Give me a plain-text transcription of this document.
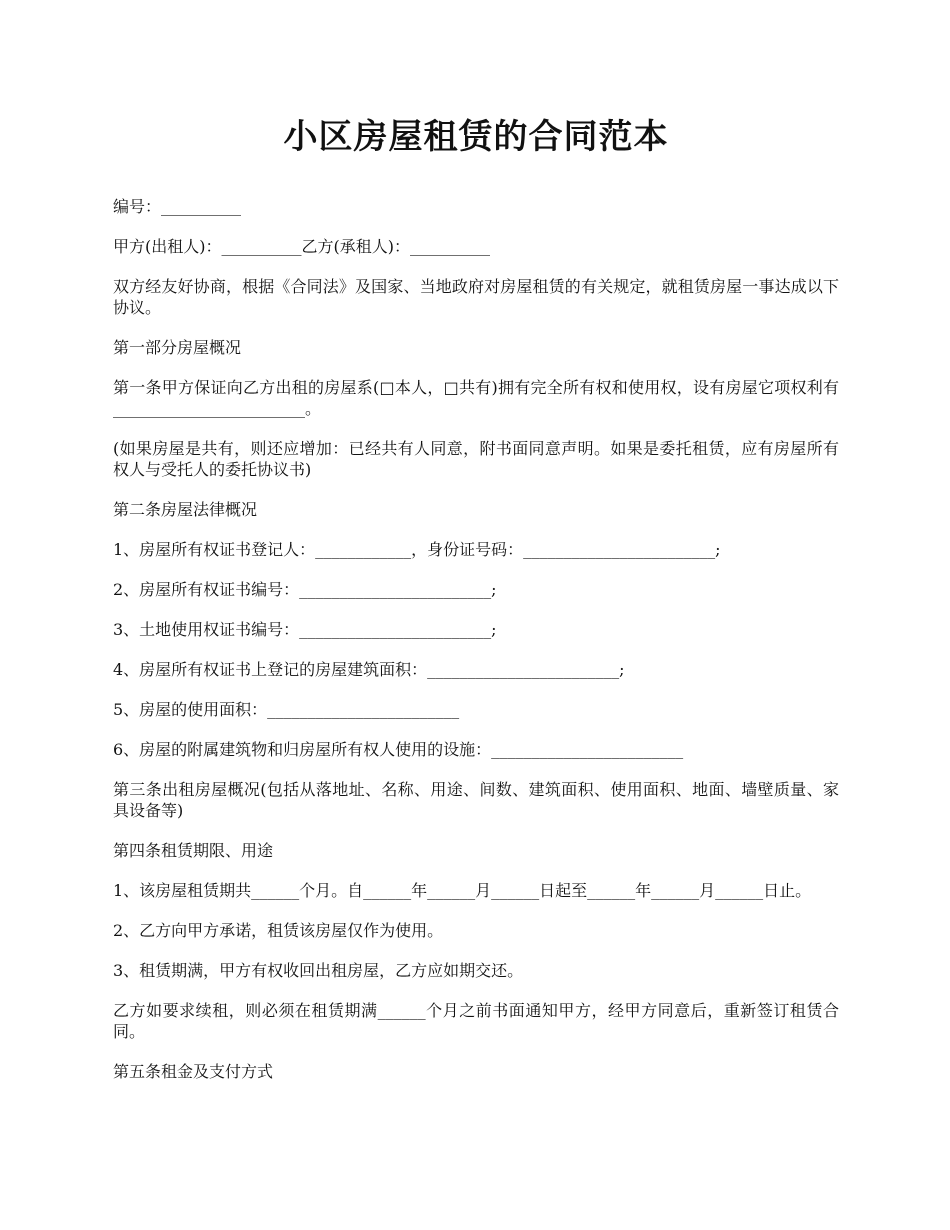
小区房屋租赁的合同范本

编号：__________

甲方(出租人)：__________乙方(承租人)：__________

双方经友好协商，根据《合同法》及国家、当地政府对房屋租赁的有关规定，就租赁房屋一事达成以下协议。

第一部分房屋概况

第一条甲方保证向乙方出租的房屋系(□本人，□共有)拥有完全所有权和使用权，设有房屋它项权利有________________________。

(如果房屋是共有，则还应增加：已经共有人同意，附书面同意声明。如果是委托租赁，应有房屋所有权人与受托人的委托协议书)

第二条房屋法律概况

1、房屋所有权证书登记人：____________，身份证号码：________________________;

2、房屋所有权证书编号：________________________;

3、土地使用权证书编号：________________________;

4、房屋所有权证书上登记的房屋建筑面积：________________________;

5、房屋的使用面积：________________________

6、房屋的附属建筑物和归房屋所有权人使用的设施：________________________

第三条出租房屋概况(包括从落地址、名称、用途、间数、建筑面积、使用面积、地面、墙壁质量、家具设备等)

第四条租赁期限、用途

1、该房屋租赁期共______个月。自______年______月______日起至______年______月______日止。

2、乙方向甲方承诺，租赁该房屋仅作为使用。

3、租赁期满，甲方有权收回出租房屋，乙方应如期交还。

乙方如要求续租，则必须在租赁期满______个月之前书面通知甲方，经甲方同意后，重新签订租赁合同。

第五条租金及支付方式
